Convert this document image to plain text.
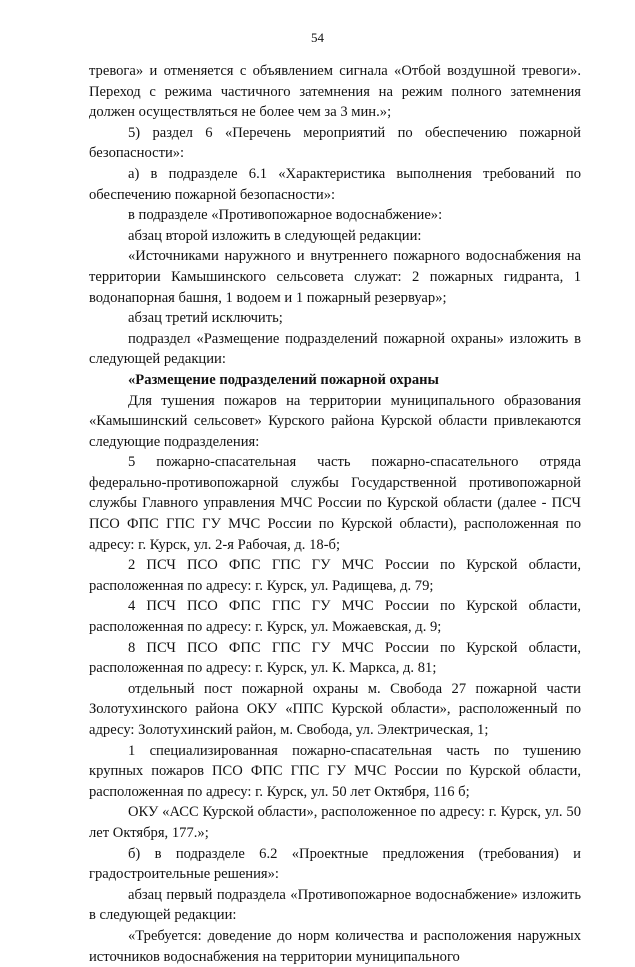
54

тревога» и отменяется с объявлением сигнала «Отбой воздушной тревоги». Переход с режима частичного затемнения на режим полного затемнения должен осуществляться не более чем за 3 мин.»;

5) раздел 6 «Перечень мероприятий по обеспечению пожарной безопасности»:

а) в подразделе 6.1 «Характеристика выполнения требований по обеспечению пожарной безопасности»:

в подразделе «Противопожарное водоснабжение»:

абзац второй изложить в следующей редакции:

«Источниками наружного и внутреннего пожарного водоснабжения на территории Камышинского сельсовета служат: 2 пожарных гидранта, 1 водонапорная башня, 1 водоем и 1 пожарный резервуар»;

абзац третий исключить;

подраздел «Размещение подразделений пожарной охраны» изложить в следующей редакции:

«Размещение подразделений пожарной охраны

Для тушения пожаров на территории муниципального образования «Камышинский сельсовет» Курского района Курской области привлекаются следующие подразделения:

5 пожарно-спасательная часть пожарно-спасательного отряда федерально-противопожарной службы Государственной противопожарной службы Главного управления МЧС России по Курской области (далее - ПСЧ ПСО ФПС ГПС ГУ МЧС России по Курской области), расположенная по адресу: г. Курск, ул. 2-я Рабочая, д. 18-б;

2 ПСЧ ПСО ФПС ГПС ГУ МЧС России по Курской области, расположенная по адресу: г. Курск, ул. Радищева, д. 79;

4 ПСЧ ПСО ФПС ГПС ГУ МЧС России по Курской области, расположенная по адресу: г. Курск, ул. Можаевская, д. 9;

8 ПСЧ ПСО ФПС ГПС ГУ МЧС России по Курской области, расположенная по адресу: г. Курск, ул. К. Маркса, д. 81;

отдельный пост пожарной охраны м. Свобода 27 пожарной части Золотухинского района ОКУ «ППС Курской области», расположенный по адресу: Золотухинский район, м. Свобода, ул. Электрическая, 1;

1 специализированная пожарно-спасательная часть по тушению крупных пожаров ПСО ФПС ГПС ГУ МЧС России по Курской области, расположенная по адресу: г. Курск, ул. 50 лет Октября, 116 б;

ОКУ «АСС Курской области», расположенное по адресу: г. Курск, ул. 50 лет Октября, 177.»;

б) в подразделе 6.2 «Проектные предложения (требования) и градостроительные решения»:

абзац первый подраздела «Противопожарное водоснабжение» изложить в следующей редакции:

«Требуется: доведение до норм количества и расположения наружных источников водоснабжения на территории муниципального
